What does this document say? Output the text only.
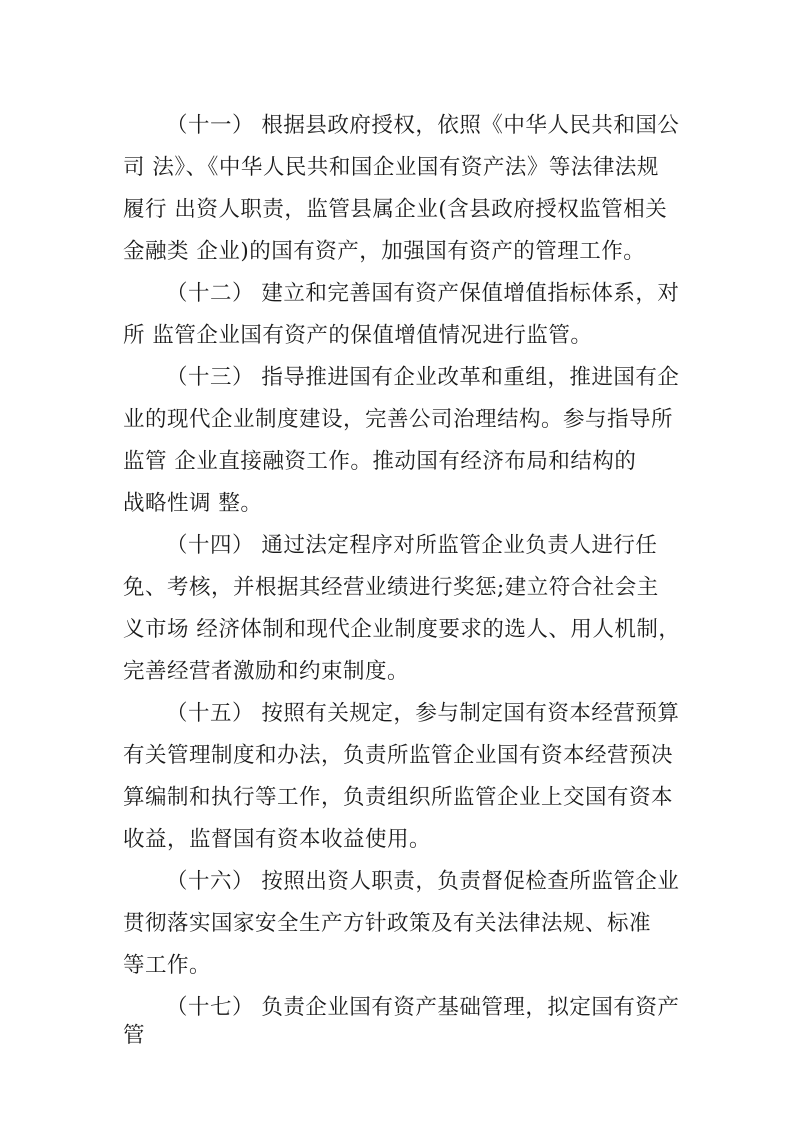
（十一） 根据县政府授权，依照《中华人民共和国公
司 法》、《中华人民共和国企业国有资产法》等法律法规
履行 出资人职责，监管县属企业(含县政府授权监管相关
金融类 企业)的国有资产，加强国有资产的管理工作。
（十二） 建立和完善国有资产保值增值指标体系，对
所 监管企业国有资产的保值增值情况进行监管。
（十三） 指导推进国有企业改革和重组，推进国有企
业的现代企业制度建设，完善公司治理结构。参与指导所
监管 企业直接融资工作。推动国有经济布局和结构的
战略性调 整。
（十四） 通过法定程序对所监管企业负责人进行任
免、考核，并根据其经营业绩进行奖惩;建立符合社会主
义市场 经济体制和现代企业制度要求的选人、用人机制，
完善经营者激励和约束制度。
（十五） 按照有关规定，参与制定国有资本经营预算
有关管理制度和办法，负责所监管企业国有资本经营预决
算编制和执行等工作，负责组织所监管企业上交国有资本
收益，监督国有资本收益使用。
（十六） 按照出资人职责，负责督促检查所监管企业
贯彻落实国家安全生产方针政策及有关法律法规、标准
等工作。
（十七） 负责企业国有资产基础管理，拟定国有资产
管
